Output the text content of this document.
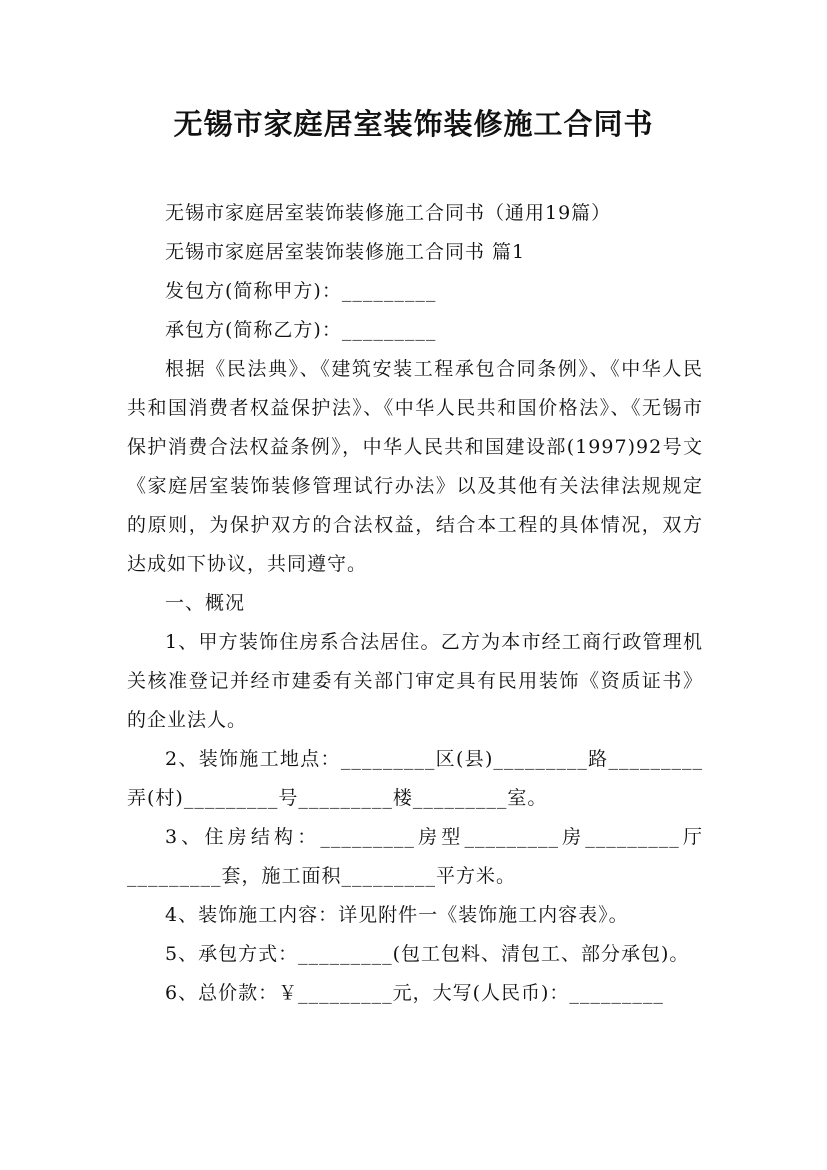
无锡市家庭居室装饰装修施工合同书

无锡市家庭居室装饰装修施工合同书（通用19篇）

无锡市家庭居室装饰装修施工合同书 篇1

发包方(简称甲方)：_________

承包方(简称乙方)：_________

根据《民法典》、《建筑安装工程承包合同条例》、《中华人民共和国消费者权益保护法》、《中华人民共和国价格法》、《无锡市保护消费合法权益条例》，中华人民共和国建设部(1997)92号文《家庭居室装饰装修管理试行办法》以及其他有关法律法规规定的原则，为保护双方的合法权益，结合本工程的具体情况，双方达成如下协议，共同遵守。

一、概况

1、甲方装饰住房系合法居住。乙方为本市经工商行政管理机关核准登记并经市建委有关部门审定具有民用装饰《资质证书》的企业法人。

2、装饰施工地点：_________区(县)_________路_________弄(村)_________号_________楼_________室。

3、住房结构：_________房型_________房_________厅_________套，施工面积_________平方米。

4、装饰施工内容：详见附件一《装饰施工内容表》。

5、承包方式：_________(包工包料、清包工、部分承包)。

6、总价款：￥_________元，大写(人民币)：_________
